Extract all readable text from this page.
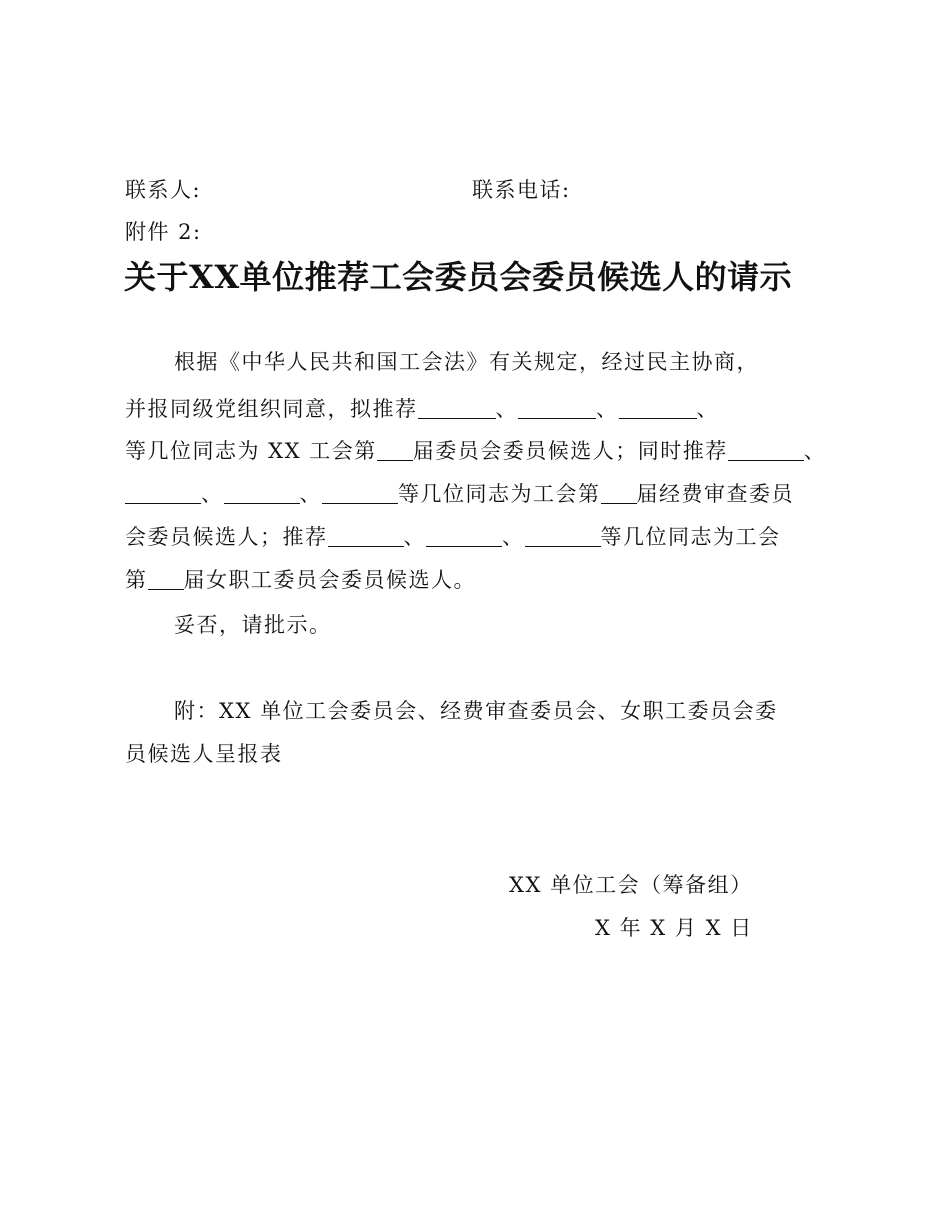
联系人:	联系电话:
附件 2:
关于XX单位推荐工会委员会委员候选人的请示
根据《中华人民共和国工会法》有关规定，经过民主协商，
并报同级党组织同意，拟推荐	、	、	、
等几位同志为 XX 工会第 届委员会委员候选人；同时推荐	、
、	、	等几位同志为工会第 届经费审查委员
会委员候选人；推荐	、	、	等几位同志为工会
第 届女职工委员会委员候选人。
妥否，请批示。
附：XX 单位工会委员会、经费审查委员会、女职工委员会委
员候选人呈报表
XX 单位工会（筹备组）
X 年 X 月 X 日
